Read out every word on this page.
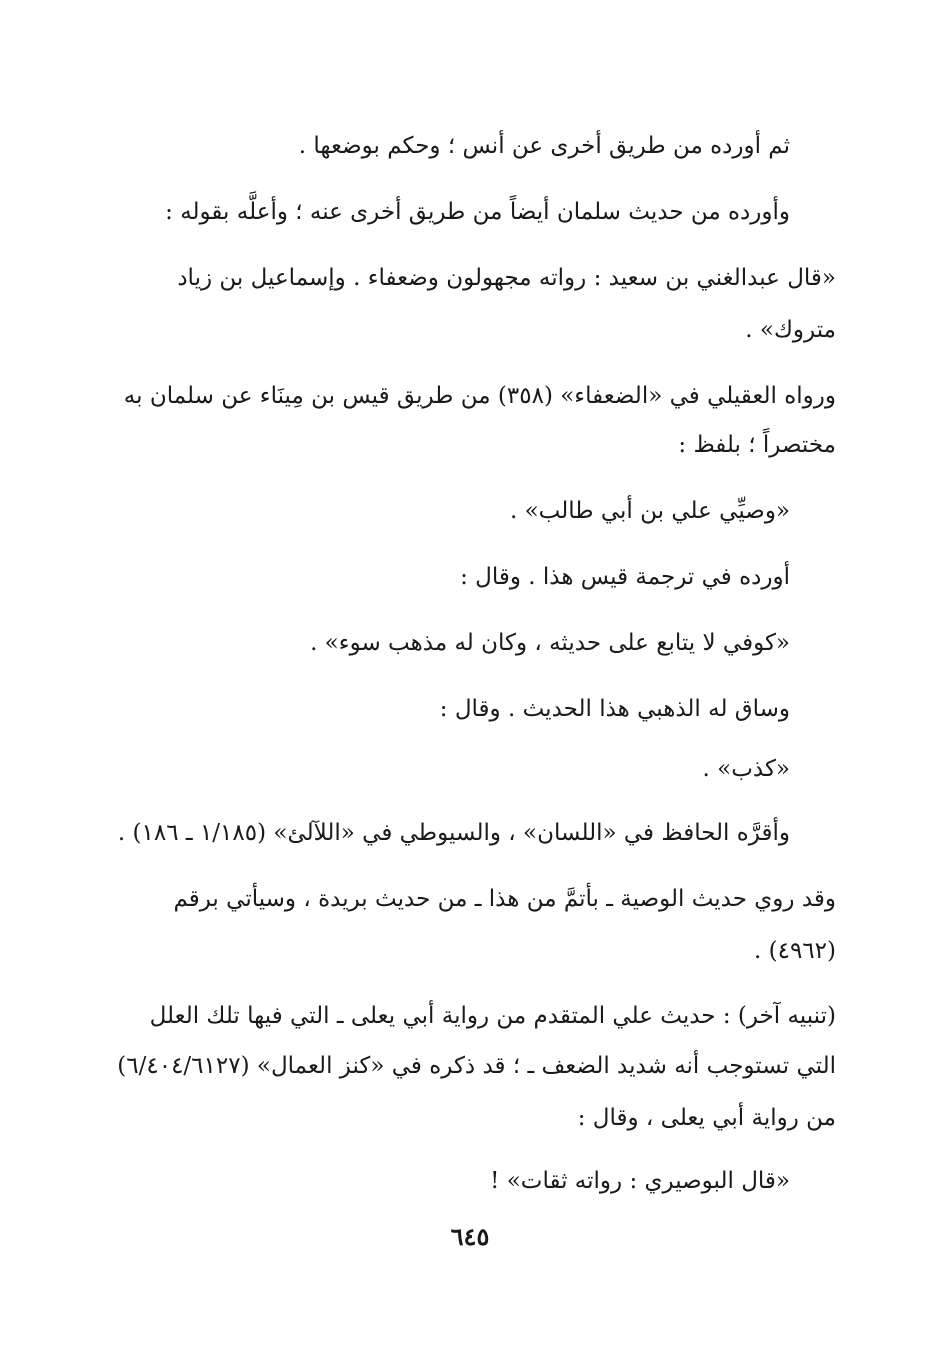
ثم أورده من طريق أخرى عن أنس ؛ وحكم بوضعها .
وأورده من حديث سلمان أيضاً من طريق أخرى عنه ؛ وأعلَّه بقوله :
«قال عبدالغني بن سعيد : رواته مجهولون وضعفاء . وإسماعيل بن زياد
متروك» .
ورواه العقيلي في «الضعفاء» (٣٥٨) من طريق قيس بن مِينَاء عن سلمان به
مختصراً ؛ بلفظ :
«وصيِّي علي بن أبي طالب» .
أورده في ترجمة قيس هذا . وقال :
«كوفي لا يتابع على حديثه ، وكان له مذهب سوء» .
وساق له الذهبي هذا الحديث . وقال :
«كذب» .
وأقرَّه الحافظ في «اللسان» ، والسيوطي في «اللآلئ» (١/١٨٥ ـ ١٨٦) .
وقد روي حديث الوصية ـ بأتمَّ من هذا ـ من حديث بريدة ، وسيأتي برقم
(٤٩٦٢) .
(تنبيه آخر) : حديث علي المتقدم من رواية أبي يعلى ـ التي فيها تلك العلل
التي تستوجب أنه شديد الضعف ـ ؛ قد ذكره في «كنز العمال» (٦/٤٠٤/٦١٢٧)
من رواية أبي يعلى ، وقال :
«قال البوصيري : رواته ثقات» !
٦٤٥
